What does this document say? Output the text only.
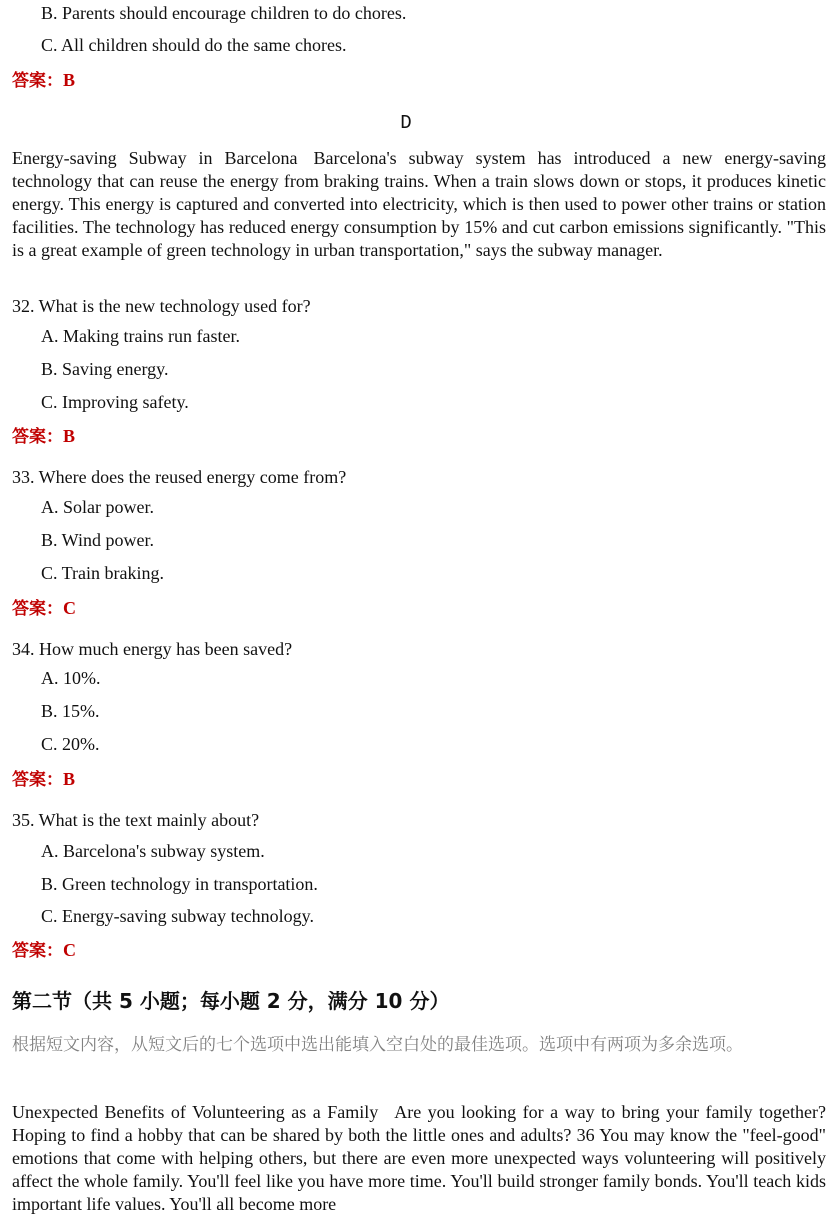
B. Parents should encourage children to do chores.
C. All children should do the same chores.
答案：B
D
Energy-saving Subway in Barcelona Barcelona's subway system has introduced a new energy-saving technology that can reuse the energy from braking trains. When a train slows down or stops, it produces kinetic energy. This energy is captured and converted into electricity, which is then used to power other trains or station facilities. The technology has reduced energy consumption by 15% and cut carbon emissions significantly. "This is a great example of green technology in urban transportation," says the subway manager.
32. What is the new technology used for?
A. Making trains run faster.
B. Saving energy.
C. Improving safety.
答案：B
33. Where does the reused energy come from?
A. Solar power.
B. Wind power.
C. Train braking.
答案：C
34. How much energy has been saved?
A. 10%.
B. 15%.
C. 20%.
答案：B
35. What is the text mainly about?
A. Barcelona's subway system.
B. Green technology in transportation.
C. Energy-saving subway technology.
答案：C
第二节（共 5 小题；每小题 2 分，满分 10 分）
根据短文内容，从短文后的七个选项中选出能填入空白处的最佳选项。选项中有两项为多余选项。
Unexpected Benefits of Volunteering as a Family Are you looking for a way to bring your family together? Hoping to find a hobby that can be shared by both the little ones and adults? 36 You may know the "feel-good" emotions that come with helping others, but there are even more unexpected ways volunteering will positively affect the whole family. You'll feel like you have more time. You'll build stronger family bonds. You'll teach kids important life values. You'll all become more
